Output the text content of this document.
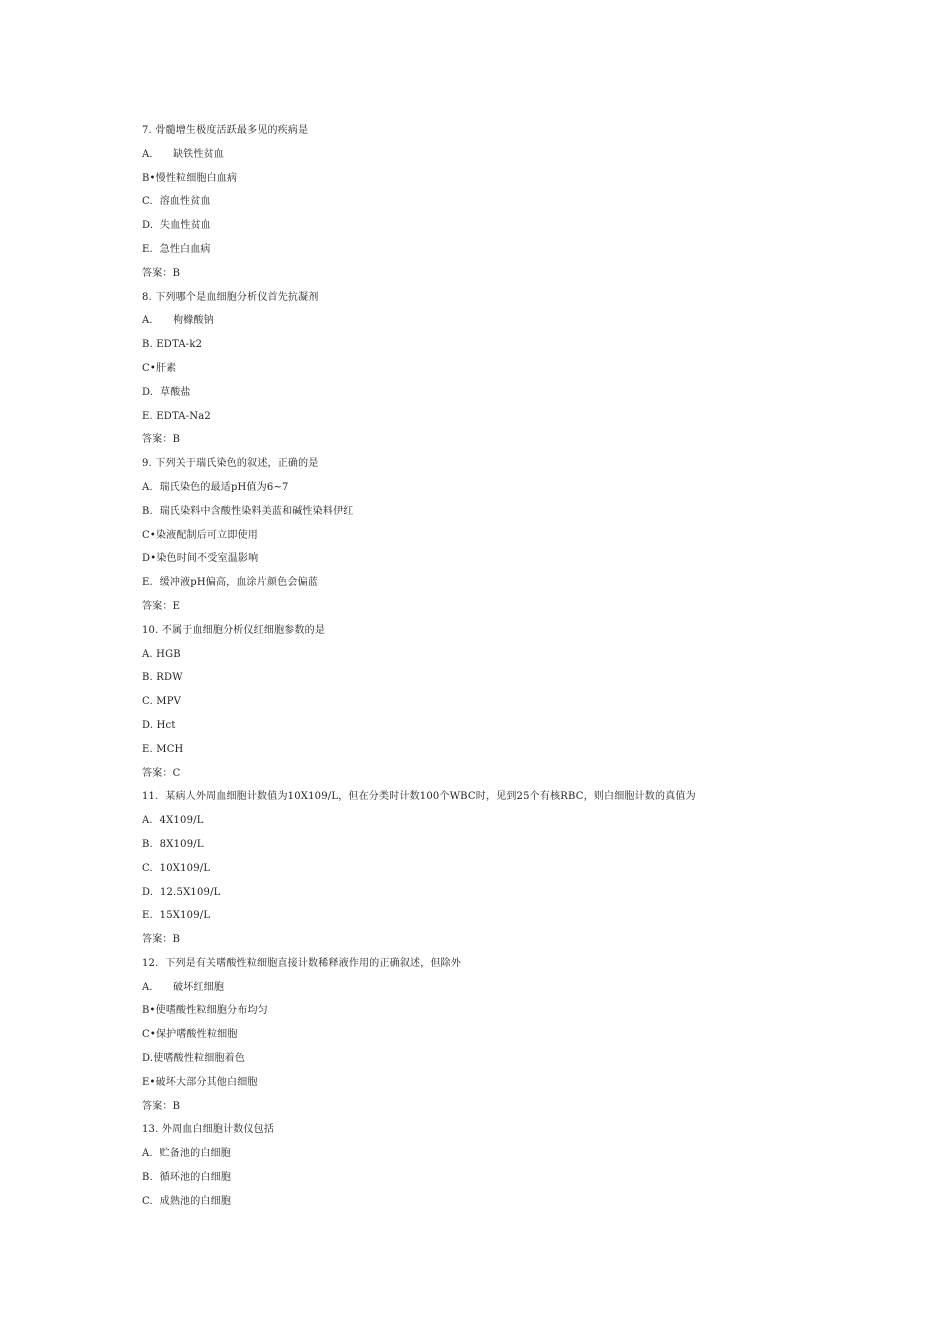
7. 骨髓增生极度活跃最多见的疾病是
A.      缺铁性贫血
B•慢性粒细胞白血病
C.  溶血性贫血
D.  失血性贫血
E.  急性白血病
答案：B
8. 下列哪个是血细胞分析仪首先抗凝剂
A.      枸橼酸钠
B. EDTA-k2
C•肝素
D.  草酸盐
E. EDTA-Na2
答案：B
9. 下列关于瑞氏染色的叙述，正确的是
A.  瑞氏染色的最适pH值为6~7
B.  瑞氏染料中含酸性染料美蓝和碱性染料伊红
C•染液配制后可立即使用
D•染色时间不受室温影响
E.  缓冲液pH偏高，血涂片颜色会偏蓝
答案：E
10. 不属于血细胞分析仪红细胞参数的是
A. HGB
B. RDW
C. MPV
D. Hct
E. MCH
答案：C
11.  某病人外周血细胞计数值为10X109/L，但在分类时计数100个WBC时，见到25个有核RBC，则白细胞计数的真值为
A.  4X109/L
B.  8X109/L
C.  10X109/L
D.  12.5X109/L
E.  15X109/L
答案：B
12.  下列是有关嗜酸性粒细胞直接计数稀释液作用的正确叙述，但除外
A.      破坏红细胞
B•使嗜酸性粒细胞分布均匀
C•保护嗜酸性粒细胞
D.使嗜酸性粒细胞着色
E•破坏大部分其他白细胞
答案：B
13. 外周血白细胞计数仪包括
A.  贮备池的白细胞
B.  循环池的白细胞
C.  成熟池的白细胞
